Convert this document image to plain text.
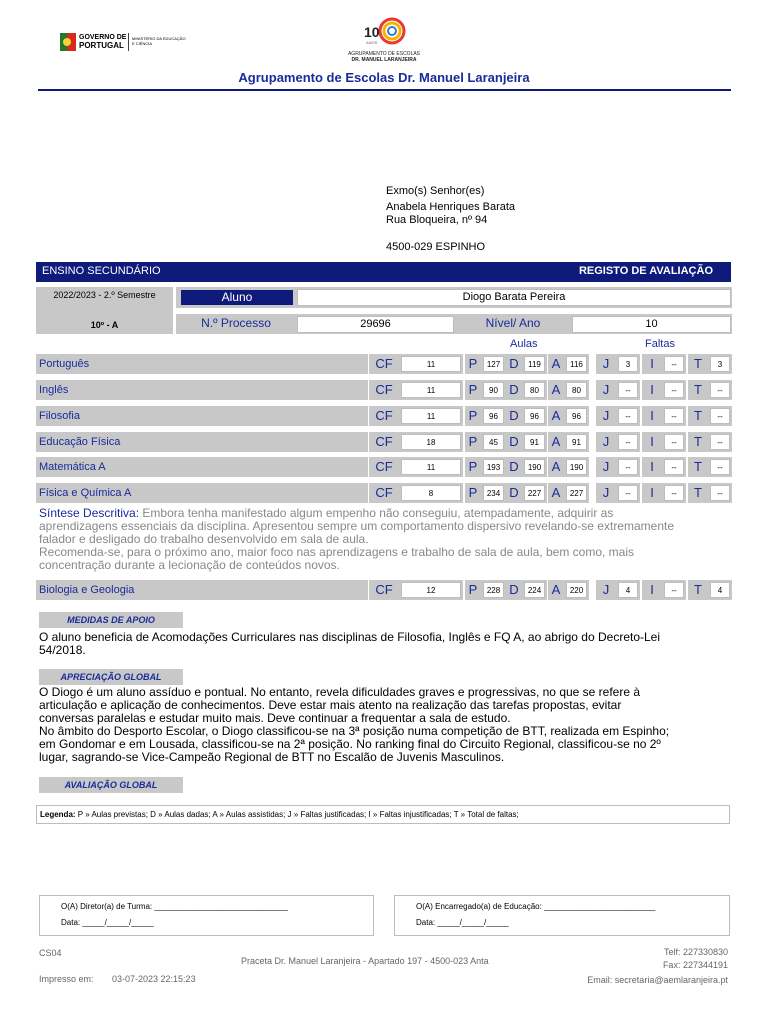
GOVERNO DE
PORTUGAL
MINISTÉRIO DA EDUCAÇÃO
E CIÊNCIA
10
ANOS
AGRUPAMENTO DE ESCOLAS
DR. MANUEL LARANJEIRA
Agrupamento de Escolas Dr. Manuel Laranjeira
Exmo(s) Senhor(es)
Anabela Henriques Barata
Rua Bloqueira, nº 94
4500-029 ESPINHO
ENSINO SECUNDÁRIO	REGISTO DE AVALIAÇÃO
2022/2023 - 2.º Semestre
10º - A
Aluno	Diogo Barata Pereira
N.º Processo	29696	Nível/ Ano	10
Aulas	Faltas
Português	CF	11	P	127 D	119 A	116	J	3	I	--	T	3
Inglês	CF	11	P	90 D	80 A	80	J	--	I	--	T	--
Filosofia	CF	11	P	96 D	96 A	96	J	--	I	--	T	--
Educação Física	CF	18	P	45 D	91 A	91	J	--	I	--	T	--
Matemática A	CF	11	P	193 D	190 A	190	J	--	I	--	T	--
Física e Química A	CF	8	P	234 D	227 A	227	J	--	I	--	T	--
Biologia e Geologia	CF	12	P	228 D	224 A	220	J	4	I	--	T	4
Síntese Descritiva: Embora tenha manifestado algum empenho não conseguiu, atempadamente, adquirir as
aprendizagens essenciais da disciplina. Apresentou sempre um comportamento dispersivo revelando-se extremamente
falador e desligado do trabalho desenvolvido em sala de aula.
Recomenda-se, para o próximo ano, maior foco nas aprendizagens e trabalho de sala de aula, bem como, mais
concentração durante a lecionação de conteúdos novos.
MEDIDAS DE APOIO
O aluno beneficia de Acomodações Curriculares nas disciplinas de Filosofia, Inglês e FQ A, ao abrigo do Decreto-Lei
54/2018.
APRECIAÇÃO GLOBAL
O Diogo é um aluno assíduo e pontual. No entanto, revela dificuldades graves e progressivas, no que se refere à
articulação e aplicação de conhecimentos. Deve estar mais atento na realização das tarefas propostas, evitar
conversas paralelas e estudar muito mais. Deve continuar a frequentar a sala de estudo.
No âmbito do Desporto Escolar, o Diogo classificou-se na 3ª posição numa competição de BTT, realizada em Espinho;
em Gondomar e em Lousada, classificou-se na 2ª posição. No ranking final do Circuito Regional, classificou-se no 2º
lugar, sagrando-se Vice-Campeão Regional de BTT no Escalão de Juvenis Masculinos.
AVALIAÇÃO GLOBAL
Legenda: P » Aulas previstas; D » Aulas dadas; A » Aulas assistidas; J » Faltas justificadas; I » Faltas injustificadas; T » Total de faltas;
O(A) Diretor(a) de Turma: ______________________________
Data: _____/_____/_____
O(A) Encarregado(a) de Educação: _________________________
Data: _____/_____/_____
CS04
Praceta Dr. Manuel Laranjeira - Apartado 197 - 4500-023 Anta
Telf: 227330830
Fax: 227344191
Impresso em: 03-07-2023 22:15:23	Email: secretaria@aemlaranjeira.pt
